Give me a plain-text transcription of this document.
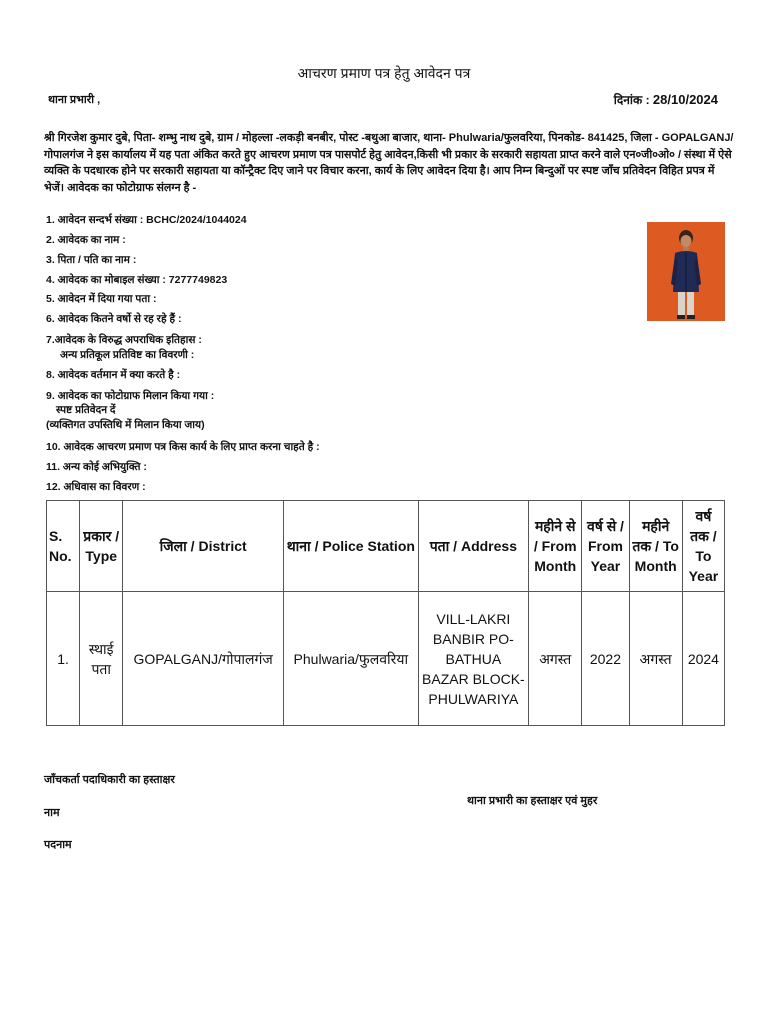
आचरण प्रमाण पत्र हेतु आवेदन पत्र
थाना प्रभारी ,	दिनांक : 28/10/2024
श्री गिरजेश कुमार दुबे, पिता- शम्भु नाथ दुबे, ग्राम / मोहल्ला -लकड़ी बनबीर, पोस्ट -बथुआ बाजार, थाना- Phulwaria/फुलवरिया, पिनकोड- 841425, जिला - GOPALGANJ/गोपालगंज ने इस कार्यालय में यह पता अंकित करते हुए आचरण प्रमाण पत्र पासपोर्ट हेतु आवेदन,किसी भी प्रकार के सरकारी सहायता प्राप्त करने वाले एन०जी०ओ० / संस्था में ऐसे व्यक्ति के पदधारक होने पर सरकारी सहायता या कॉन्ट्रैक्ट दिए जाने पर विचार करना, कार्य के लिए आवेदन दिया है। आप निम्न बिन्दुओं पर स्पष्ट जाँच प्रतिवेदन विहित प्रपत्र में भेजें। आवेदक का फोटोग्राफ संलग्न है -
1. आवेदन सन्दर्भ संख्या : BCHC/2024/1044024
2. आवेदक का नाम :
3. पिता / पति का नाम :
4. आवेदक का मोबाइल संख्या : 7277749823
5. आवेदन में दिया गया पता :
6. आवेदक कितने वर्षो से रह रहे हैं :
7.आवेदक के विरुद्ध अपराधिक इतिहास :
अन्य प्रतिकूल प्रतिविष्ट का विवरणी :
8. आवेदक वर्तमान में क्या करते है :
9. आवेदक का फोटोग्राफ मिलान किया गया :
स्पष्ट प्रतिवेदन दें
(व्यक्तिगत उपस्तिथि में मिलान किया जाय)
10. आवेदक आचरण प्रमाण पत्र किस कार्य के लिए प्राप्त करना चाहते है :
11. अन्य कोई अभियुक्ति :
12. अधिवास का विवरण :
S. No.	प्रकार / Type	जिला / District	थाना / Police Station	पता / Address	महीने से / From Month	वर्ष से / From Year	महीने तक / To Month	वर्ष तक / To Year
1.	स्थाई पता	GOPALGANJ/गोपालगंज	Phulwaria/फुलवरिया	VILL-LAKRI BANBIR PO-BATHUA BAZAR BLOCK-PHULWARIYA	अगस्त	2022	अगस्त	2024
जाँचकर्ता पदाधिकारी का हस्ताक्षर
नाम
पदनाम
थाना प्रभारी का हस्ताक्षर एवं मुहर
